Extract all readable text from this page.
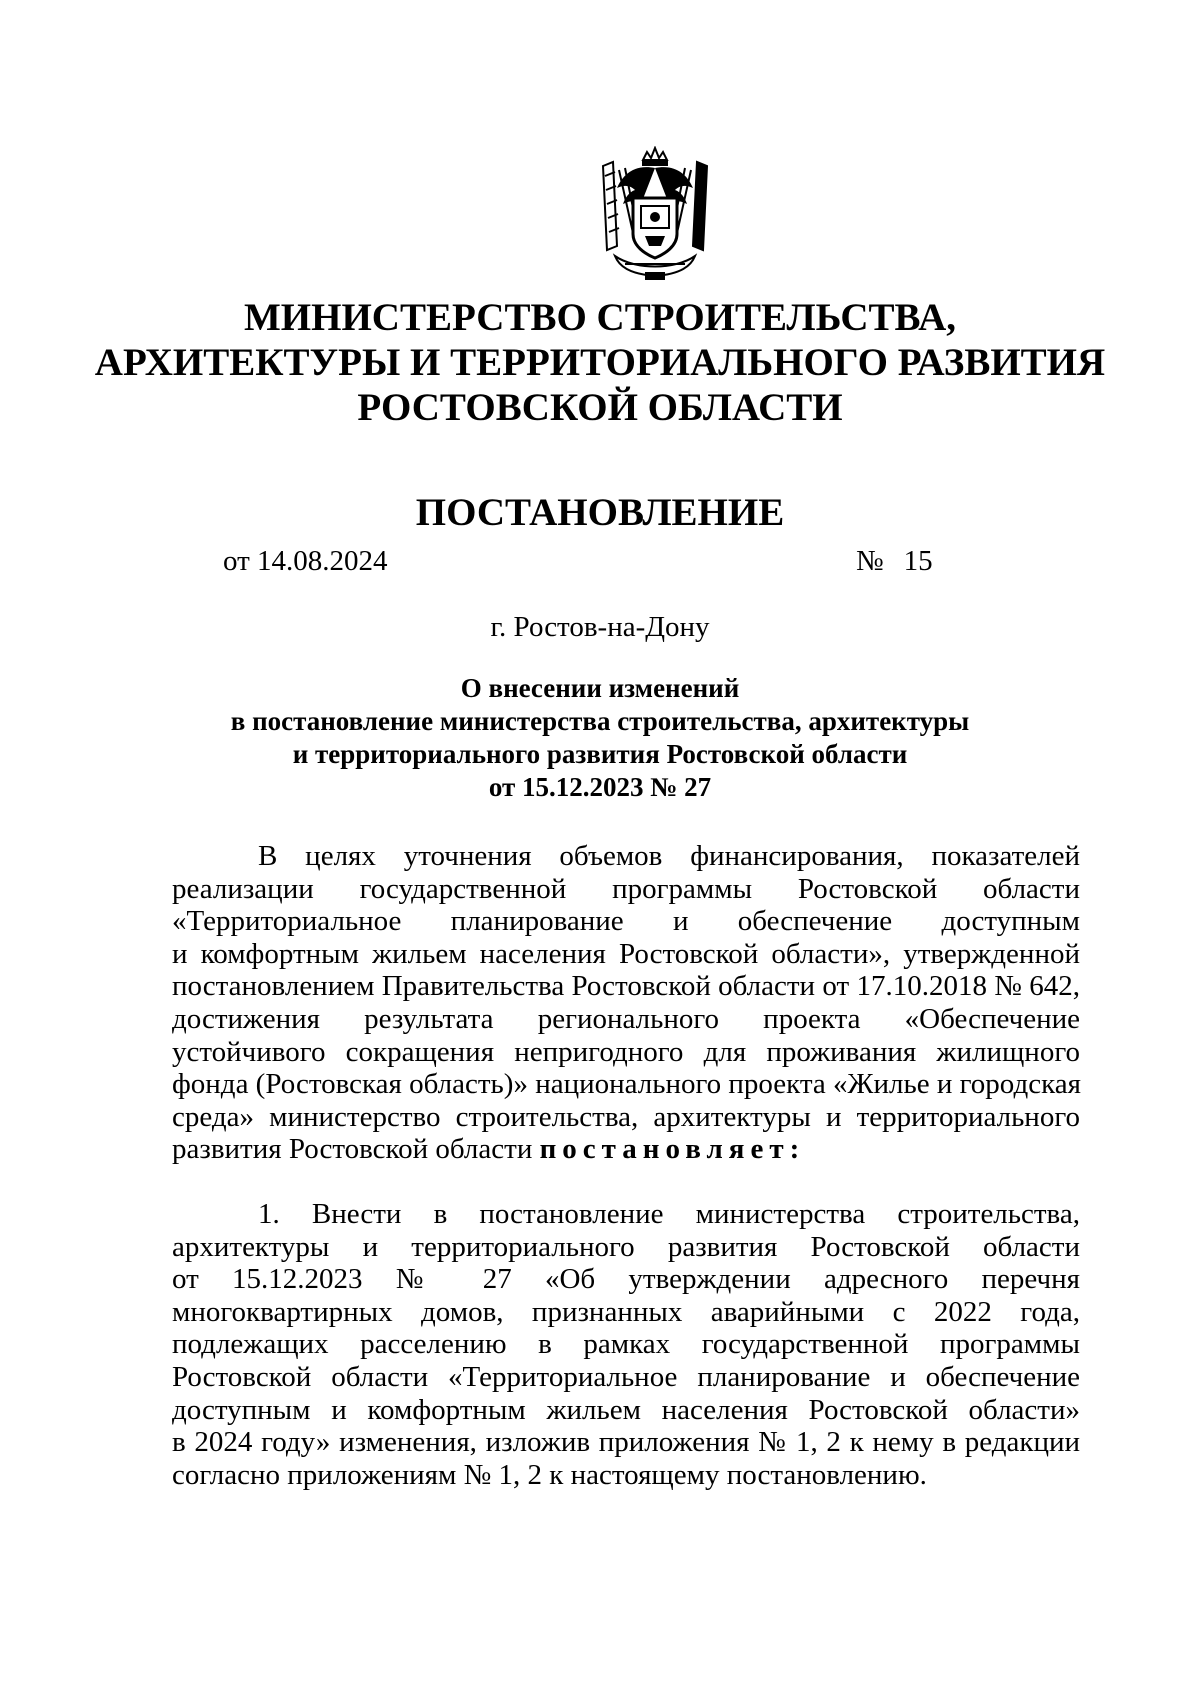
МИНИСТЕРСТВО СТРОИТЕЛЬСТВА,
АРХИТЕКТУРЫ И ТЕРРИТОРИАЛЬНОГО РАЗВИТИЯ
РОСТОВСКОЙ ОБЛАСТИ
ПОСТАНОВЛЕНИЕ
от 14.08.2024	№ 15
г. Ростов-на-Дону
О внесении изменений
в постановление министерства строительства, архитектуры
и территориального развития Ростовской области
от 15.12.2023 № 27
В целях уточнения объемов финансирования, показателей
реализации государственной программы Ростовской области
«Территориальное планирование и обеспечение доступным
и комфортным жильем населения Ростовской области», утвержденной
постановлением Правительства Ростовской области от 17.10.2018 № 642,
достижения результата регионального проекта «Обеспечение
устойчивого сокращения непригодного для проживания жилищного
фонда (Ростовская область)» национального проекта «Жилье и городская
среда» министерство строительства, архитектуры и территориального
развития Ростовской области постановляет:
1. Внести в постановление министерства строительства,
архитектуры и территориального развития Ростовской области
от 15.12.2023 № 27 «Об утверждении адресного перечня
многоквартирных домов, признанных аварийными с 2022 года,
подлежащих расселению в рамках государственной программы
Ростовской области «Территориальное планирование и обеспечение
доступным и комфортным жильем населения Ростовской области»
в 2024 году» изменения, изложив приложения № 1, 2 к нему в редакции
согласно приложениям № 1, 2 к настоящему постановлению.
